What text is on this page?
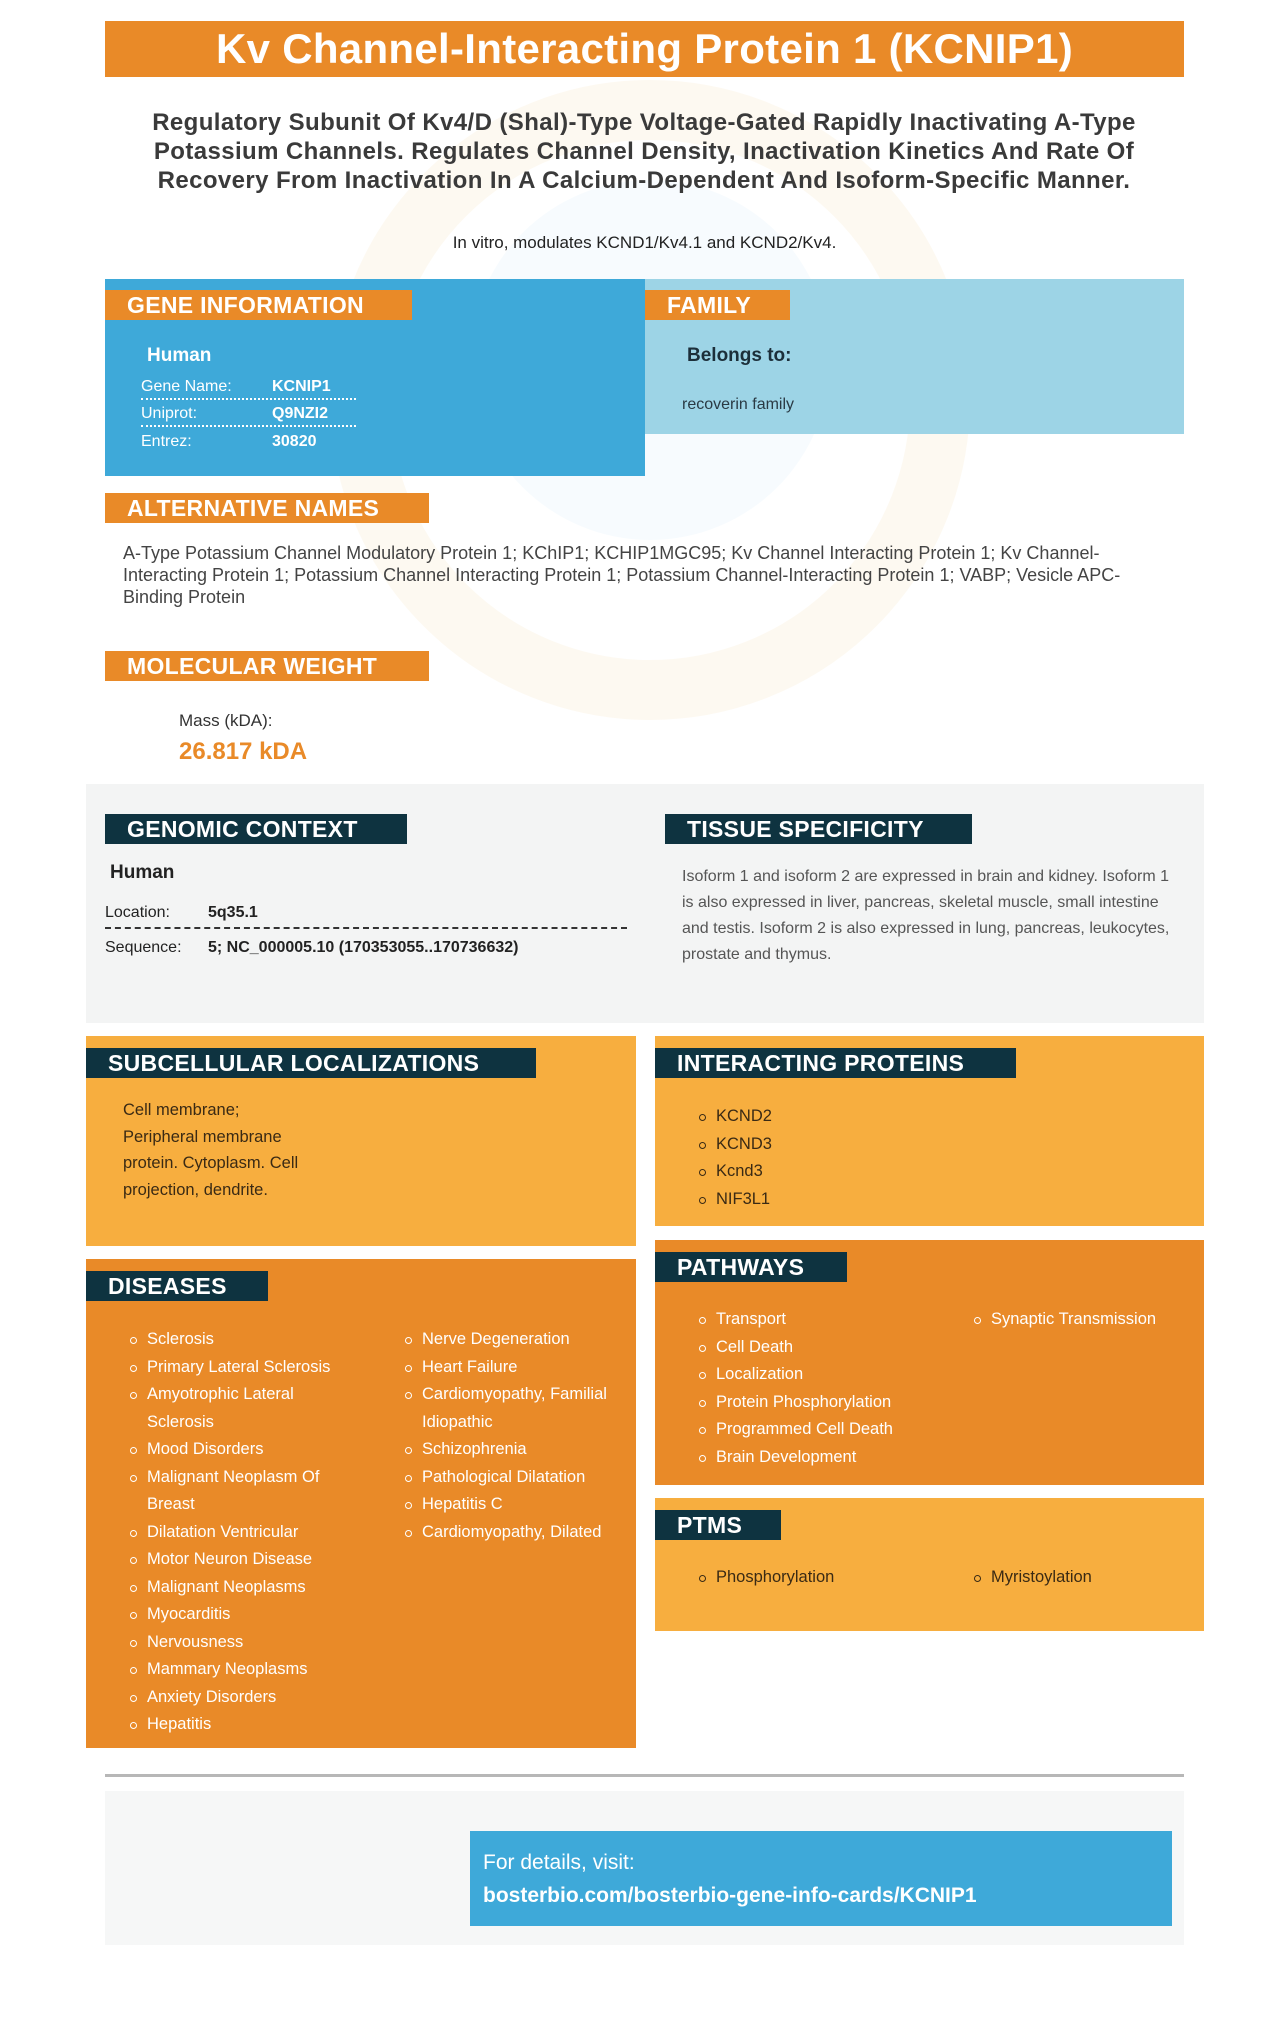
Kv Channel-Interacting Protein 1 (KCNIP1)
Regulatory Subunit Of Kv4/D (Shal)-Type Voltage-Gated Rapidly Inactivating A-Type Potassium Channels. Regulates Channel Density, Inactivation Kinetics And Rate Of Recovery From Inactivation In A Calcium-Dependent And Isoform-Specific Manner.
In vitro, modulates KCND1/Kv4.1 and KCND2/Kv4.
GENE INFORMATION
Human
Gene Name:	KCNIP1
Uniprot:	Q9NZI2
Entrez:	30820
FAMILY
Belongs to:
recoverin family
ALTERNATIVE NAMES
A-Type Potassium Channel Modulatory Protein 1; KChIP1; KCHIP1MGC95; Kv Channel Interacting Protein 1; Kv Channel-Interacting Protein 1; Potassium Channel Interacting Protein 1; Potassium Channel-Interacting Protein 1; VABP; Vesicle APC-Binding Protein
MOLECULAR WEIGHT
Mass (kDA):
26.817 kDA
GENOMIC CONTEXT
Human
Location: 5q35.1
Sequence: 5; NC_000005.10 (170353055..170736632)
TISSUE SPECIFICITY
Isoform 1 and isoform 2 are expressed in brain and kidney. Isoform 1 is also expressed in liver, pancreas, skeletal muscle, small intestine and testis. Isoform 2 is also expressed in lung, pancreas, leukocytes, prostate and thymus.
SUBCELLULAR LOCALIZATIONS
Cell membrane;
Peripheral membrane
protein. Cytoplasm. Cell
projection, dendrite.
INTERACTING PROTEINS
KCND2
KCND3
Kcnd3
NIF3L1
DISEASES
Sclerosis
Primary Lateral Sclerosis
Amyotrophic Lateral Sclerosis
Mood Disorders
Malignant Neoplasm Of Breast
Dilatation Ventricular
Motor Neuron Disease
Malignant Neoplasms
Myocarditis
Nervousness
Mammary Neoplasms
Anxiety Disorders
Hepatitis
Nerve Degeneration
Heart Failure
Cardiomyopathy, Familial Idiopathic
Schizophrenia
Pathological Dilatation
Hepatitis C
Cardiomyopathy, Dilated
PATHWAYS
Transport
Cell Death
Localization
Protein Phosphorylation
Programmed Cell Death
Brain Development
Synaptic Transmission
PTMS
Phosphorylation	Myristoylation
For details, visit:
bosterbio.com/bosterbio-gene-info-cards/KCNIP1
